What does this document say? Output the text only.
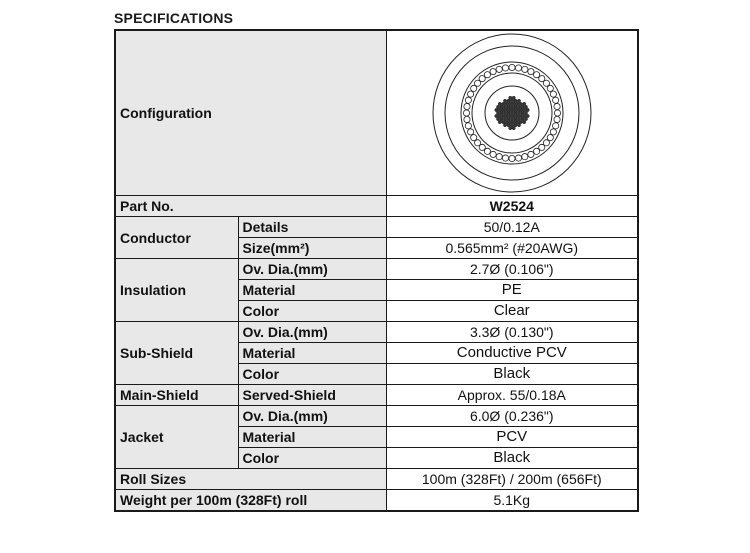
SPECIFICATIONS
Configuration	

Part No.		W2524
Conductor	Details	50/0.12A
	Size(mm²)	0.565mm² (#20AWG)
Insulation	Ov. Dia.(mm)	2.7Ø (0.106")
	Material	PE
	Color	Clear
Sub-Shield	Ov. Dia.(mm)	3.3Ø (0.130")
	Material	Conductive PCV
	Color	Black
Main-Shield	Served-Shield	Approx. 55/0.18A
Jacket	Ov. Dia.(mm)	6.0Ø (0.236")
	Material	PCV
	Color	Black
Roll Sizes		100m (328Ft) / 200m (656Ft)
Weight per 100m (328Ft) roll		5.1Kg
